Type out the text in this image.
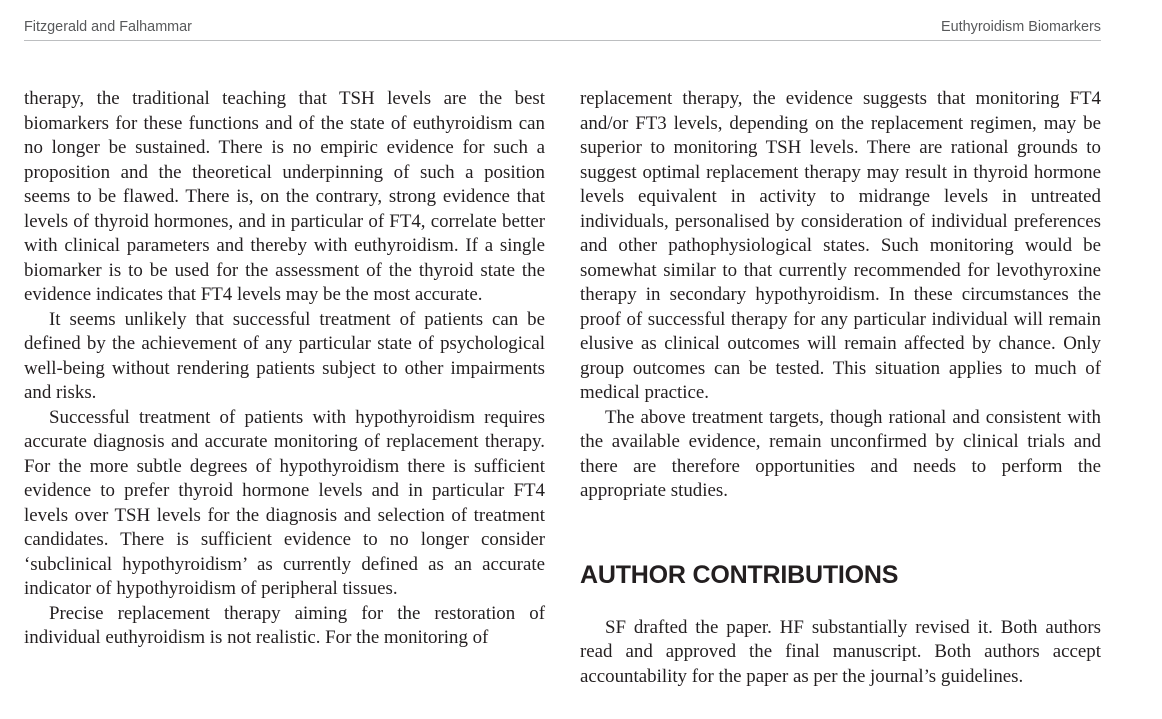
Fitzgerald and Falhammar	Euthyroidism Biomarkers

therapy, the traditional teaching that TSH levels are the best biomarkers for these functions and of the state of euthyroidism can no longer be sustained. There is no empiric evidence for such a proposition and the theoretical underpinning of such a position seems to be flawed. There is, on the contrary, strong evidence that levels of thyroid hormones, and in particular of FT4, correlate better with clinical parameters and thereby with euthyroidism. If a single biomarker is to be used for the assessment of the thyroid state the evidence indicates that FT4 levels may be the most accurate.

It seems unlikely that successful treatment of patients can be defined by the achievement of any particular state of psychological well-being without rendering patients subject to other impairments and risks.

Successful treatment of patients with hypothyroidism requires accurate diagnosis and accurate monitoring of replacement therapy. For the more subtle degrees of hypothyroidism there is sufficient evidence to prefer thyroid hormone levels and in particular FT4 levels over TSH levels for the diagnosis and selection of treatment candidates. There is sufficient evidence to no longer consider ‘subclinical hypothyroidism’ as currently defined as an accurate indicator of hypothyroidism of peripheral tissues.

Precise replacement therapy aiming for the restoration of individual euthyroidism is not realistic. For the monitoring of

replacement therapy, the evidence suggests that monitoring FT4 and/or FT3 levels, depending on the replacement regimen, may be superior to monitoring TSH levels. There are rational grounds to suggest optimal replacement therapy may result in thyroid hormone levels equivalent in activity to midrange levels in untreated individuals, personalised by consideration of individual preferences and other pathophysiological states. Such monitoring would be somewhat similar to that currently recommended for levothyroxine therapy in secondary hypothyroidism. In these circumstances the proof of successful therapy for any particular individual will remain elusive as clinical outcomes will remain affected by chance. Only group outcomes can be tested. This situation applies to much of medical practice.

The above treatment targets, though rational and consistent with the available evidence, remain unconfirmed by clinical trials and there are therefore opportunities and needs to perform the appropriate studies.

AUTHOR CONTRIBUTIONS

SF drafted the paper. HF substantially revised it. Both authors read and approved the final manuscript. Both authors accept accountability for the paper as per the journal’s guidelines.
